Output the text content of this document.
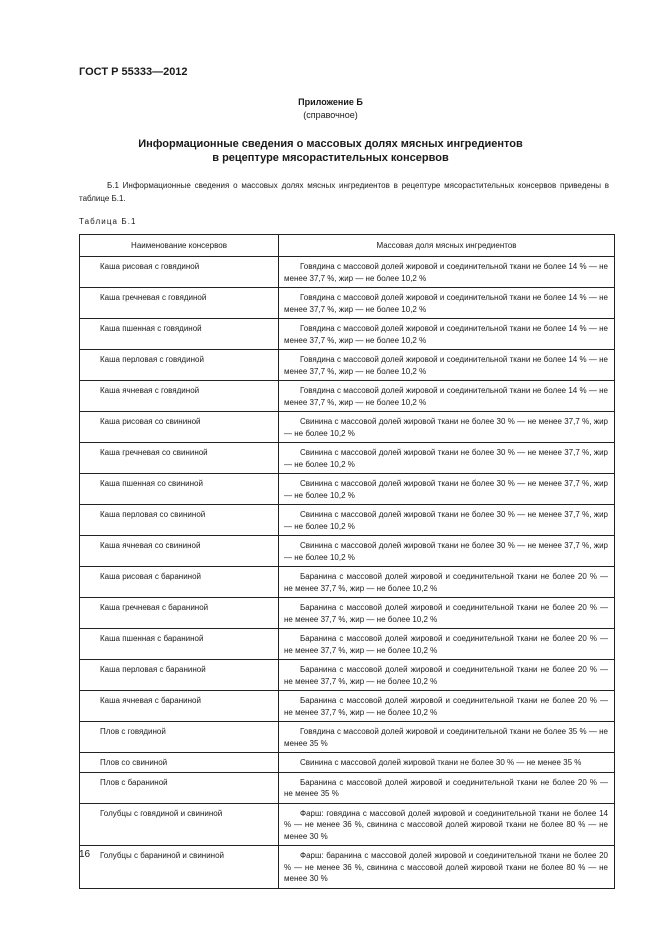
ГОСТ Р 55333—2012
Приложение Б
(справочное)
Информационные сведения о массовых долях мясных ингредиентов
в рецептуре мясорастительных консервов
Б.1 Информационные сведения о массовых долях мясных ингредиентов в рецептуре мясорастительных консервов приведены в таблице Б.1.
Таблица Б.1
Наименование консервов	Массовая доля мясных ингредиентов
Каша рисовая с говядиной	Говядина с массовой долей жировой и соединительной ткани не более 14 % — не менее 37,7 %, жир — не более 10,2 %
Каша гречневая с говядиной	Говядина с массовой долей жировой и соединительной ткани не более 14 % — не менее 37,7 %, жир — не более 10,2 %
Каша пшенная с говядиной	Говядина с массовой долей жировой и соединительной ткани не более 14 % — не менее 37,7 %, жир — не более 10,2 %
Каша перловая с говядиной	Говядина с массовой долей жировой и соединительной ткани не более 14 % — не менее 37,7 %, жир — не более 10,2 %
Каша ячневая с говядиной	Говядина с массовой долей жировой и соединительной ткани не более 14 % — не менее 37,7 %, жир — не более 10,2 %
Каша рисовая со свининой	Свинина с массовой долей жировой ткани не более 30 % — не менее 37,7 %, жир — не более 10,2 %
Каша гречневая со свининой	Свинина с массовой долей жировой ткани не более 30 % — не менее 37,7 %, жир — не более 10,2 %
Каша пшенная со свининой	Свинина с массовой долей жировой ткани не более 30 % — не менее 37,7 %, жир — не более 10,2 %
Каша перловая со свининой	Свинина с массовой долей жировой ткани не более 30 % — не менее 37,7 %, жир — не более 10,2 %
Каша ячневая со свининой	Свинина с массовой долей жировой ткани не более 30 % — не менее 37,7 %, жир — не более 10,2 %
Каша рисовая с бараниной	Баранина с массовой долей жировой и соединительной ткани не более 20 % — не менее 37,7 %, жир — не более 10,2 %
Каша гречневая с бараниной	Баранина с массовой долей жировой и соединительной ткани не более 20 % — не менее 37,7 %, жир — не более 10,2 %
Каша пшенная с бараниной	Баранина с массовой долей жировой и соединительной ткани не более 20 % — не менее 37,7 %, жир — не более 10,2 %
Каша перловая с бараниной	Баранина с массовой долей жировой и соединительной ткани не более 20 % — не менее 37,7 %, жир — не более 10,2 %
Каша ячневая с бараниной	Баранина с массовой долей жировой и соединительной ткани не более 20 % — не менее 37,7 %, жир — не более 10,2 %
Плов с говядиной	Говядина с массовой долей жировой и соединительной ткани не более 35 % — не менее 35 %
Плов со свининой	Свинина с массовой долей жировой ткани не более 30 % — не менее 35 %
Плов с бараниной	Баранина с массовой долей жировой и соединительной ткани не более 20 % — не менее 35 %
Голубцы с говядиной и свининой	Фарш: говядина с массовой долей жировой и соединительной ткани не более 14 % — не менее 36 %, свинина с массовой долей жировой ткани не более 80 % — не менее 30 %
Голубцы с бараниной и свининой	Фарш: баранина с массовой долей жировой и соединительной ткани не более 20 % — не менее 36 %, свинина с массовой долей жировой ткани не более 80 % — не менее 30 %
16
